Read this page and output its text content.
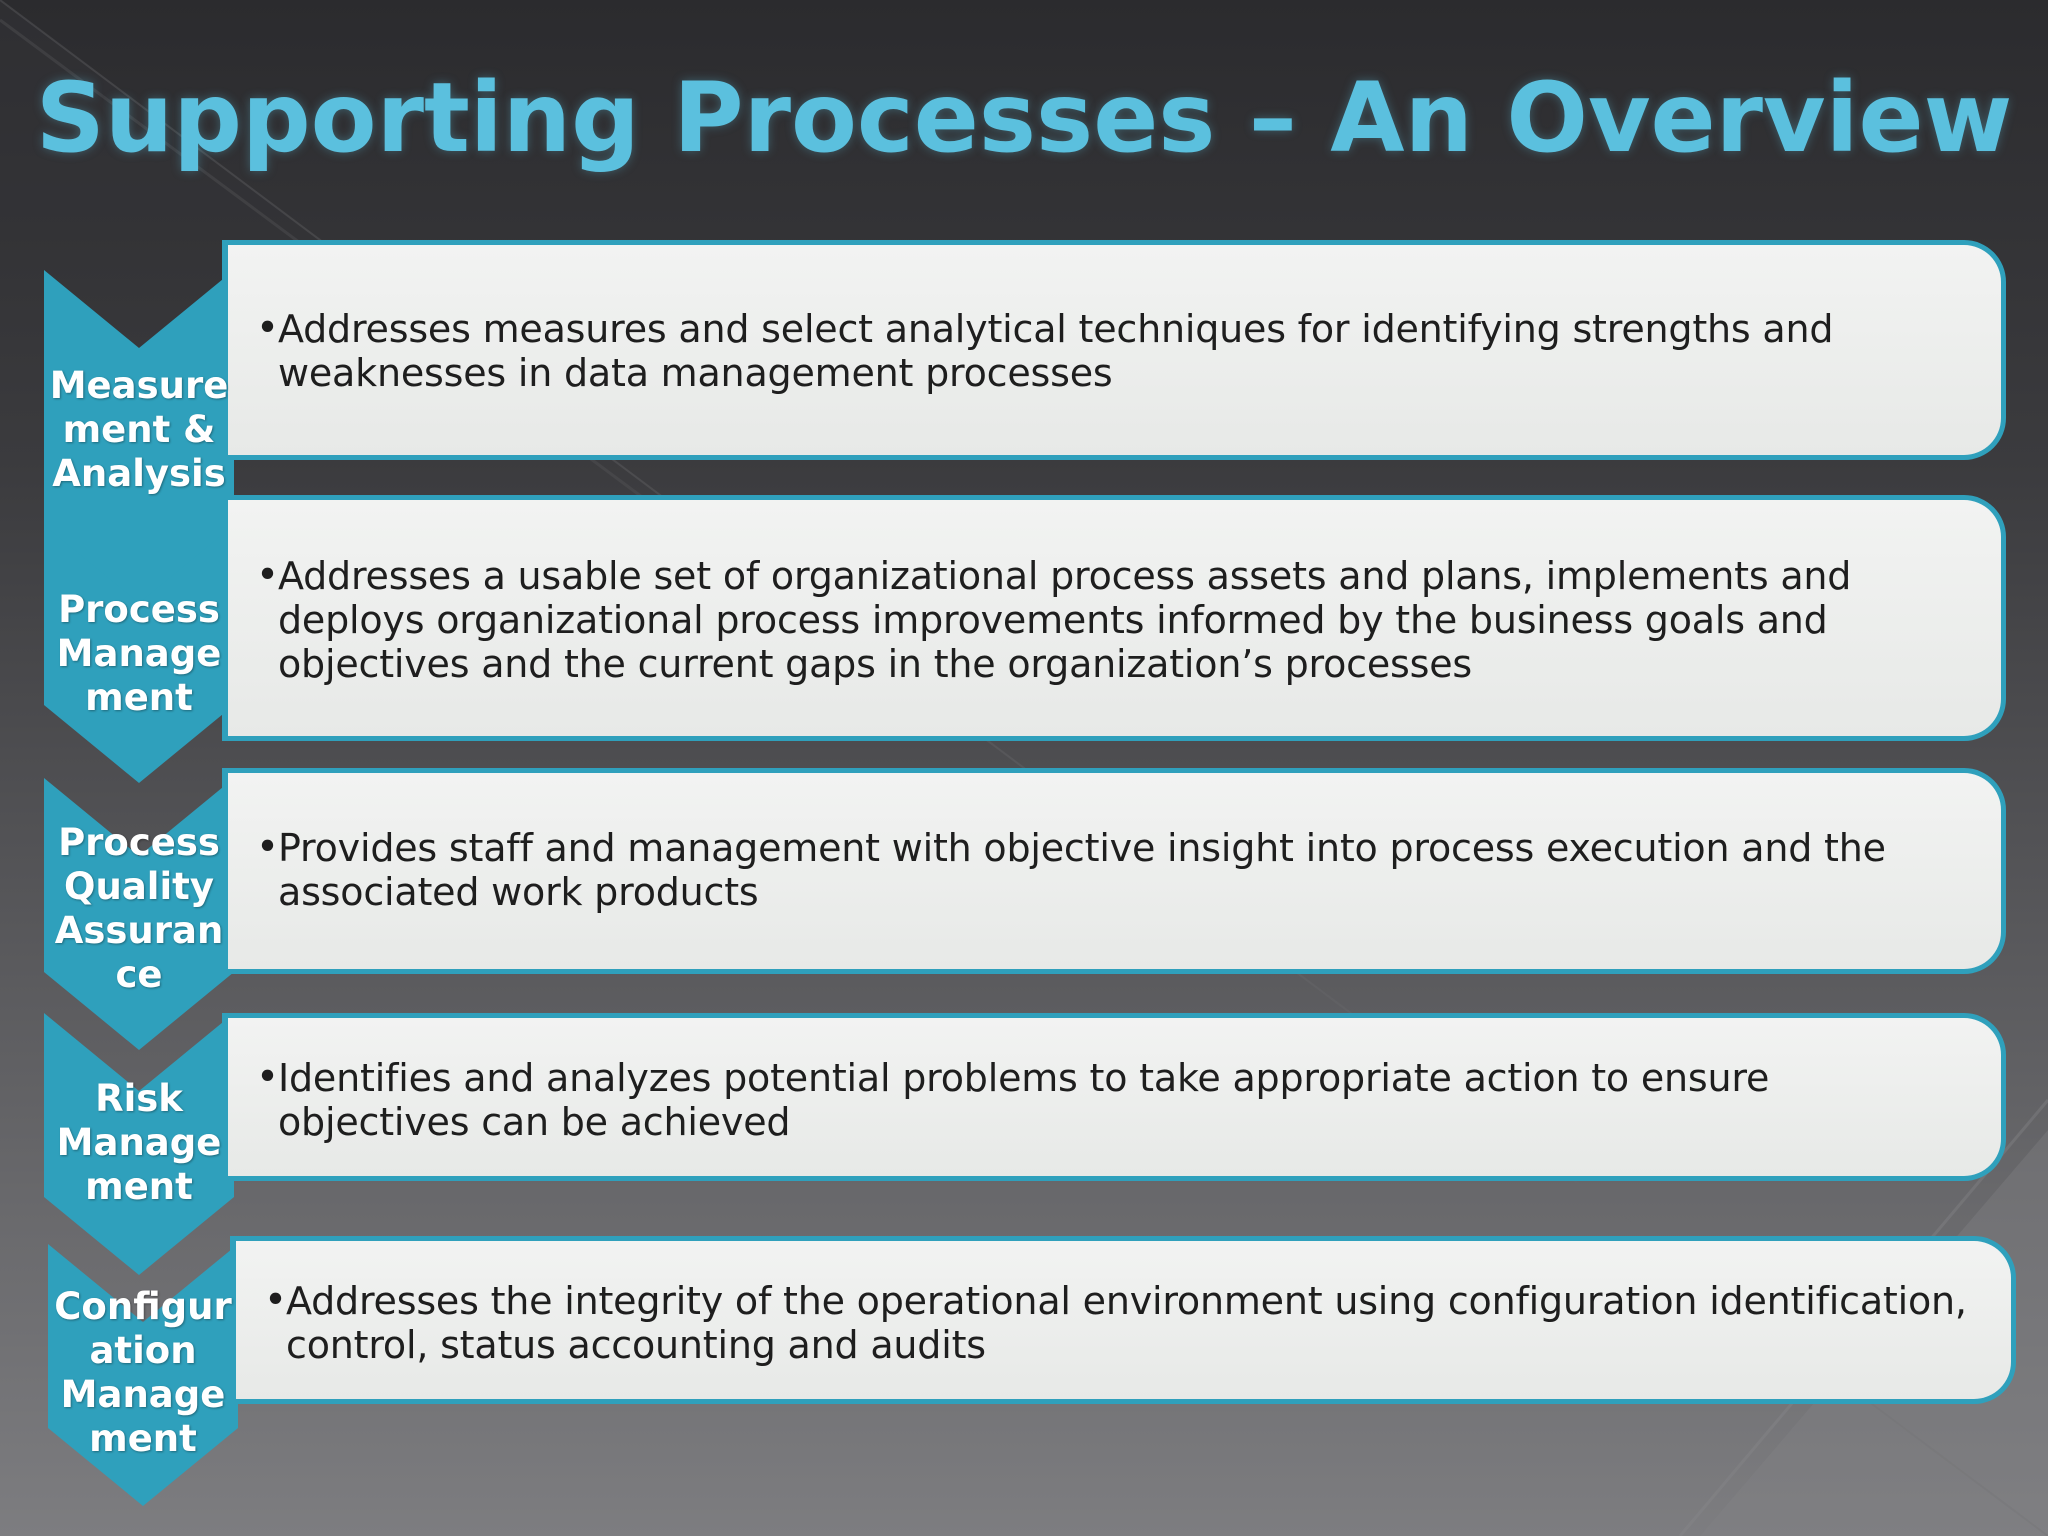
Supporting Processes – An Overview
•
Addresses measures and select analytical techniques for identifying strengths and
weaknesses in data management processes
Measure
ment &
Analysis
•
Addresses a usable set of organizational process assets and plans, implements and
deploys organizational process improvements informed by the business goals and
objectives and the current gaps in the organization’s processes
Process
Manage
ment
•
Provides staff and management with objective insight into process execution and the
associated work products
Process
Quality
Assuran
ce
•
Identifies and analyzes potential problems to take appropriate action to ensure
objectives can be achieved
Risk
Manage
ment
•
Addresses the integrity of the operational environment using configuration identification,
control, status accounting and audits
Configur
ation
Manage
ment
